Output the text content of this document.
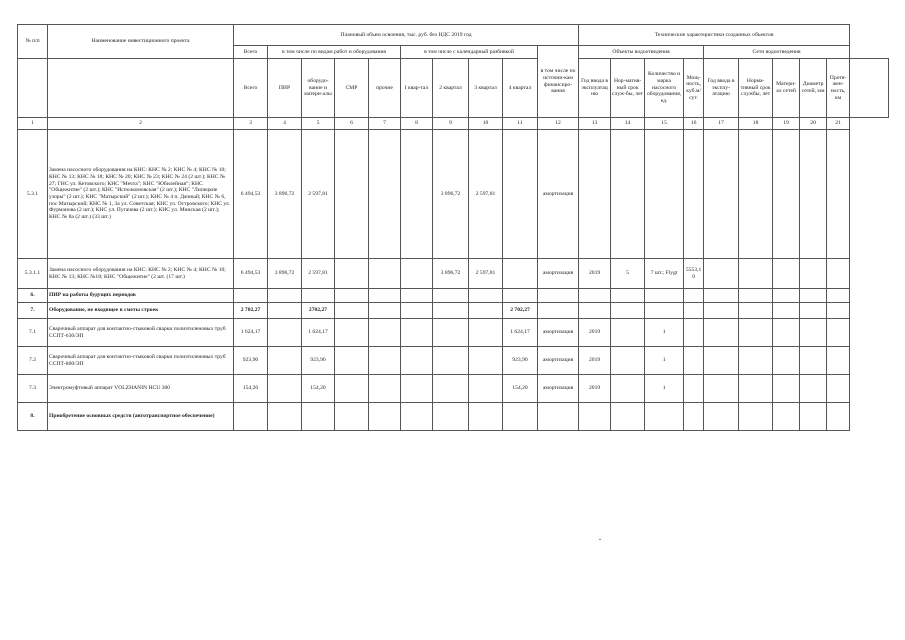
№ п/п	Наименование инвестиционного проекта	Плановый объем освоения, тыс. руб. без НДС 2019 год										Технические характеристики созданных объектов									
		Всего	в том числе по видам работ и оборудования				в том числе с календарный разбивкой				в том числе по источни-кам финансиро-вания	Объекты водоотведения				Сети водоотведения					
												Год ввода в эксплуатацию	Нор-матив-ный срок служ-бы, лет	Количество и марка насосного оборудования, ед.	Мощ-ность, куб.м/сут.	Год ввода в эксплу-атацию	Норма-тивный срок службы, лет	Матери-ал сетей	Диаметр сетей, мм	Протя-жен-ность, км	
		Всего	ПИР	оборудо-вание и матери-алы	СМР	прочие	I квар-тал	2 квартал	3 квартал	4 квартал											
1	2	3	4	5	6	7	8	9	10	11	12	13	14	15	16	17	18	19	20	21	
5.3.1	Замена насосного оборудования на КНС: КНС № 2; КНС № 4; КНС № 10; КНС № 13; КНС № 18; КНС № 20; КНС № 23; КНС № 24 (2 шт.); КНС № 27; ГНС ул. Кетовского; КНС "Мечта"; КНС "Юбилейная"; КНС "Общежитие" (2 шт.); КНС "Исполкомовская" (2 шт.); КНС "Липецкие узоры" (2 шт.); КНС "Матырский" (2 шт.); КНС № 4 п. Дачный; КНС № 6, пос Матырский; КНС № 1, 3а ул. Советская; КНС ул. Островского; КНС ул. Фурманова (2 шт.); КНС ул. Пугачева (2 шт.); КНС ул. Минская (2 шт.); КНС № 8а (2 шт.) (33 шт.)	6 494,53	3 896,72	2 597,81				3 896,72	2 597,81		амортизация										
5.3.1.1	Замена насосного оборудования на КНС: КНС № 2; КНС № 4; КНС № 10; КНС № 13; КНС №18; КНС "Общежитие" (2 шт. (17 шт.)	6 494,53	3 896,72	2 597,81				3 896,72	2 597,81		амортизация	2019	5	7 шт.; Flygt	5553,10						
6.	ПИР на работы будущих периодов																				
7.	Оборудование, не входящее в сметы строек	2 702,27		2702,27						2 702,27											
7.1	Сварочный аппарат для контактно-стыковой сварки полиэтиленовых труб ССПТ-630/ЭП	1 624,17		1 624,17						1 624,17	амортизация	2019		1							
7.2	Сварочный аппарат для контактно-стыковой сварки полиэтиленовых труб ССПТ-800/ЭП	923,90		923,90						923,90	амортизация	2019		1							
7.3	Электромуфтовый аппарат VOLZHANIN HCU 300	154,20		154,20						154,20	амортизация	2019		1							
8.	Приобретение основных средств (автотранспортное обеспечение)																				
